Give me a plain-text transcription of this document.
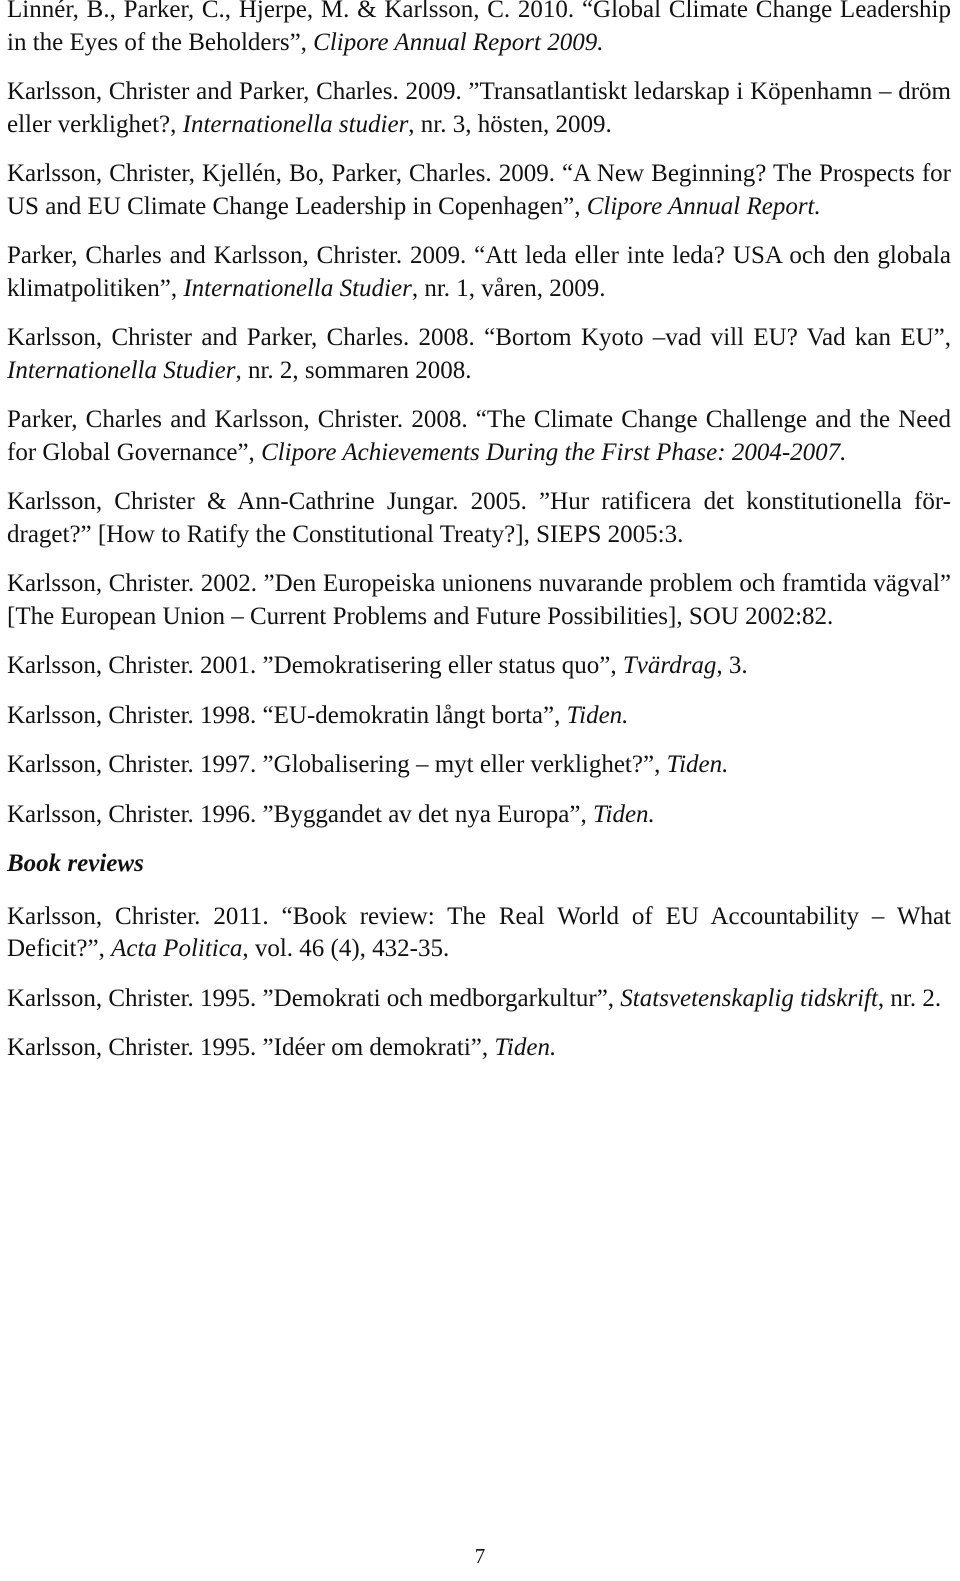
Linnér, B., Parker, C., Hjerpe, M. & Karlsson, C. 2010. “Global Climate Change Leadership in the Eyes of the Beholders”, Clipore Annual Report 2009.

Karlsson, Christer and Parker, Charles. 2009. ”Transatlantiskt ledarskap i Köpenhamn – dröm eller verklighet?, Internationella studier, nr. 3, hösten, 2009.

Karlsson, Christer, Kjellén, Bo, Parker, Charles. 2009. “A New Beginning? The Prospects for US and EU Climate Change Leadership in Copenhagen”, Clipore Annual Report.

Parker, Charles and Karlsson, Christer. 2009. “Att leda eller inte leda? USA och den globala klimatpolitiken”, Internationella Studier, nr. 1, våren, 2009.

Karlsson, Christer and Parker, Charles. 2008. “Bortom Kyoto –vad vill EU? Vad kan EU”, Internationella Studier, nr. 2, sommaren 2008.

Parker, Charles and Karlsson, Christer. 2008. “The Climate Change Challenge and the Need for Global Governance”, Clipore Achievements During the First Phase: 2004-2007.

Karlsson, Christer & Ann-Cathrine Jungar. 2005. ”Hur ratificera det konstitutionella för-draget?” [How to Ratify the Constitutional Treaty?], SIEPS 2005:3.

Karlsson, Christer. 2002. ”Den Europeiska unionens nuvarande problem och framtida vägval” [The European Union – Current Problems and Future Possibilities], SOU 2002:82.

Karlsson, Christer. 2001. ”Demokratisering eller status quo”, Tvärdrag, 3.

Karlsson, Christer. 1998. “EU-demokratin långt borta”, Tiden.

Karlsson, Christer. 1997. ”Globalisering – myt eller verklighet?”, Tiden.

Karlsson, Christer. 1996. ”Byggandet av det nya Europa”, Tiden.

Book reviews

Karlsson, Christer. 2011. “Book review: The Real World of EU Accountability – What Deficit?”, Acta Politica, vol. 46 (4), 432-35.

Karlsson, Christer. 1995. ”Demokrati och medborgarkultur”, Statsvetenskaplig tidskrift, nr. 2.

Karlsson, Christer. 1995. ”Idéer om demokrati”, Tiden.

7
